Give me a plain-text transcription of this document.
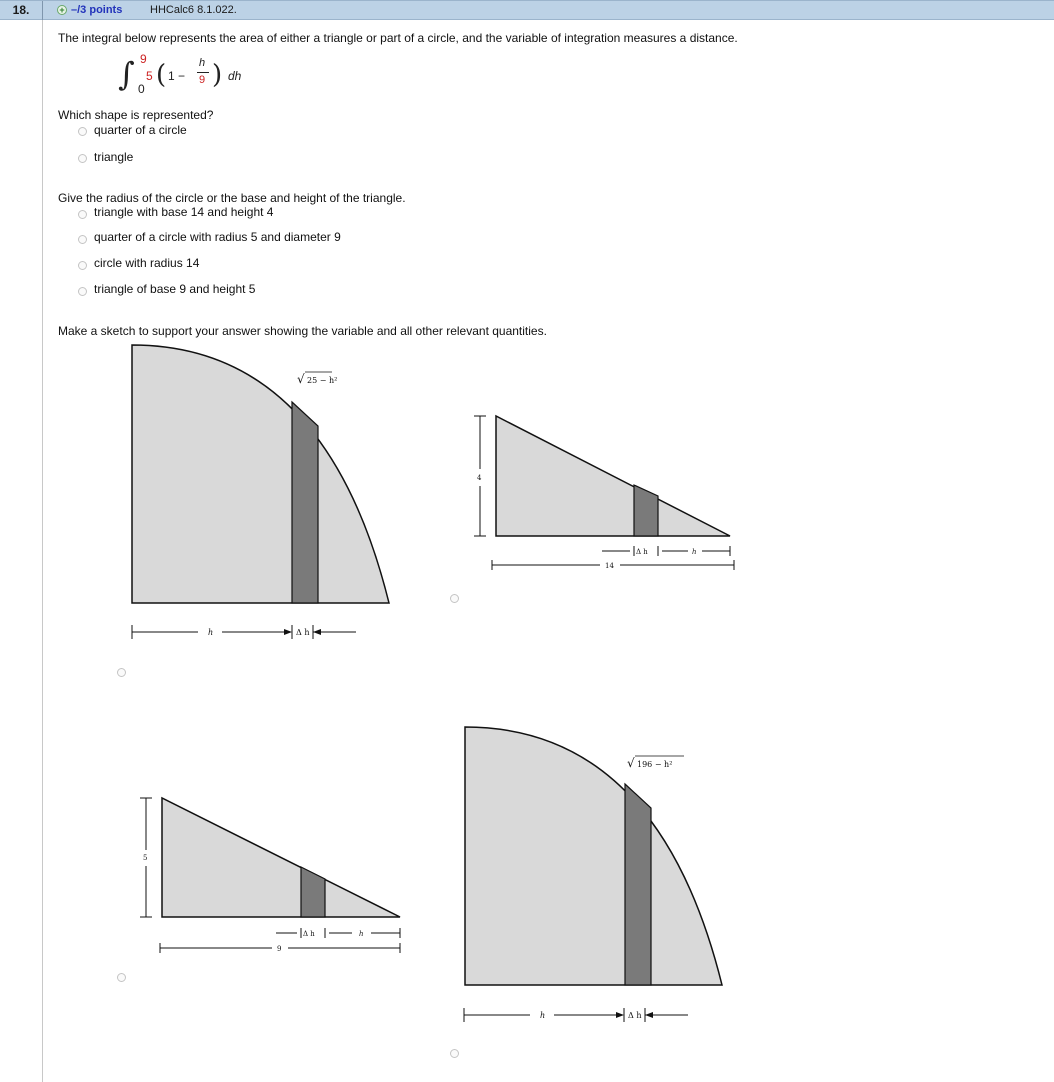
18.	+ –/3 points	HHCalc6 8.1.022.
The integral below represents the area of either a triangle or part of a circle, and the variable of integration measures a distance.
∫ 9
0
5 ( 1 −
h
9 ) dh
Which shape is represented?
quarter of a circle
triangle
Give the radius of the circle or the base and height of the triangle.
triangle with base 14 and height 4
quarter of a circle with radius 5 and diameter 9
circle with radius 14
triangle of base 9 and height 5
Make a sketch to support your answer showing the variable and all other relevant quantities.
√ 25 − h²
h	Δ h
4
Δ h	h
14
5
Δ h	h
9
√ 196 − h²
h	Δ h
